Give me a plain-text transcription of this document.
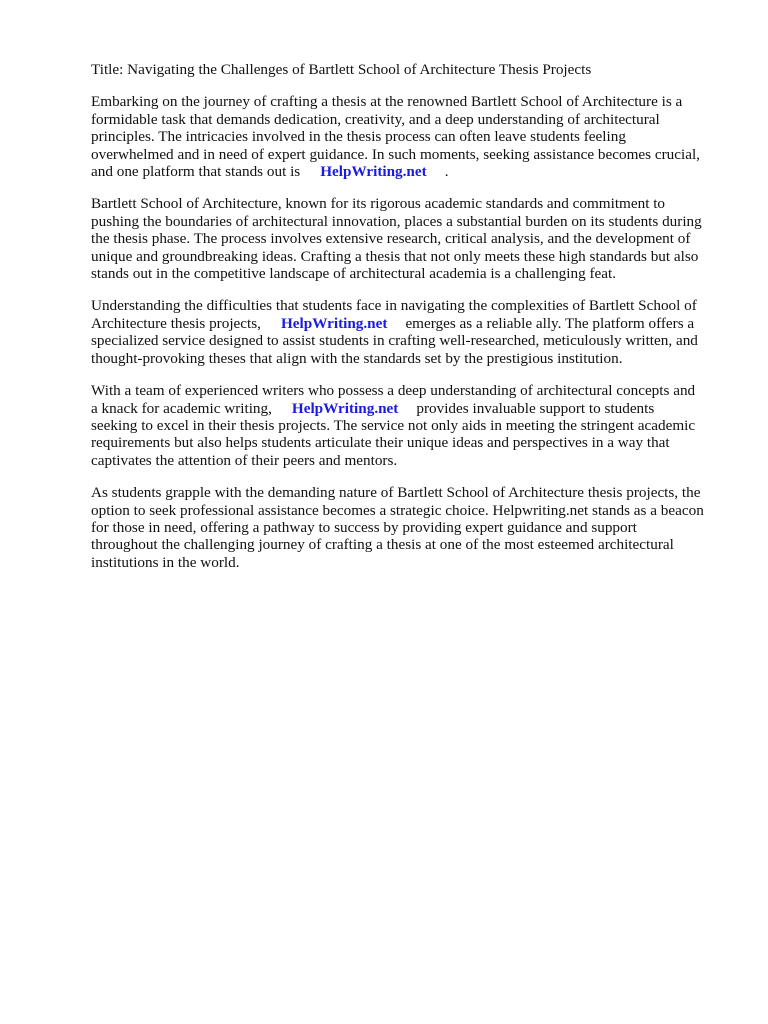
Title: Navigating the Challenges of Bartlett School of Architecture Thesis Projects

Embarking on the journey of crafting a thesis at the renowned Bartlett School of Architecture is a
formidable task that demands dedication, creativity, and a deep understanding of architectural
principles. The intricacies involved in the thesis process can often leave students feeling
overwhelmed and in need of expert guidance. In such moments, seeking assistance becomes crucial,
and one platform that stands out is HelpWriting.net .

Bartlett School of Architecture, known for its rigorous academic standards and commitment to
pushing the boundaries of architectural innovation, places a substantial burden on its students during
the thesis phase. The process involves extensive research, critical analysis, and the development of
unique and groundbreaking ideas. Crafting a thesis that not only meets these high standards but also
stands out in the competitive landscape of architectural academia is a challenging feat.

Understanding the difficulties that students face in navigating the complexities of Bartlett School of
Architecture thesis projects, HelpWriting.net emerges as a reliable ally. The platform offers a
specialized service designed to assist students in crafting well-researched, meticulously written, and
thought-provoking theses that align with the standards set by the prestigious institution.

With a team of experienced writers who possess a deep understanding of architectural concepts and
a knack for academic writing, HelpWriting.net provides invaluable support to students
seeking to excel in their thesis projects. The service not only aids in meeting the stringent academic
requirements but also helps students articulate their unique ideas and perspectives in a way that
captivates the attention of their peers and mentors.

As students grapple with the demanding nature of Bartlett School of Architecture thesis projects, the
option to seek professional assistance becomes a strategic choice. Helpwriting.net stands as a beacon
for those in need, offering a pathway to success by providing expert guidance and support
throughout the challenging journey of crafting a thesis at one of the most esteemed architectural
institutions in the world.
